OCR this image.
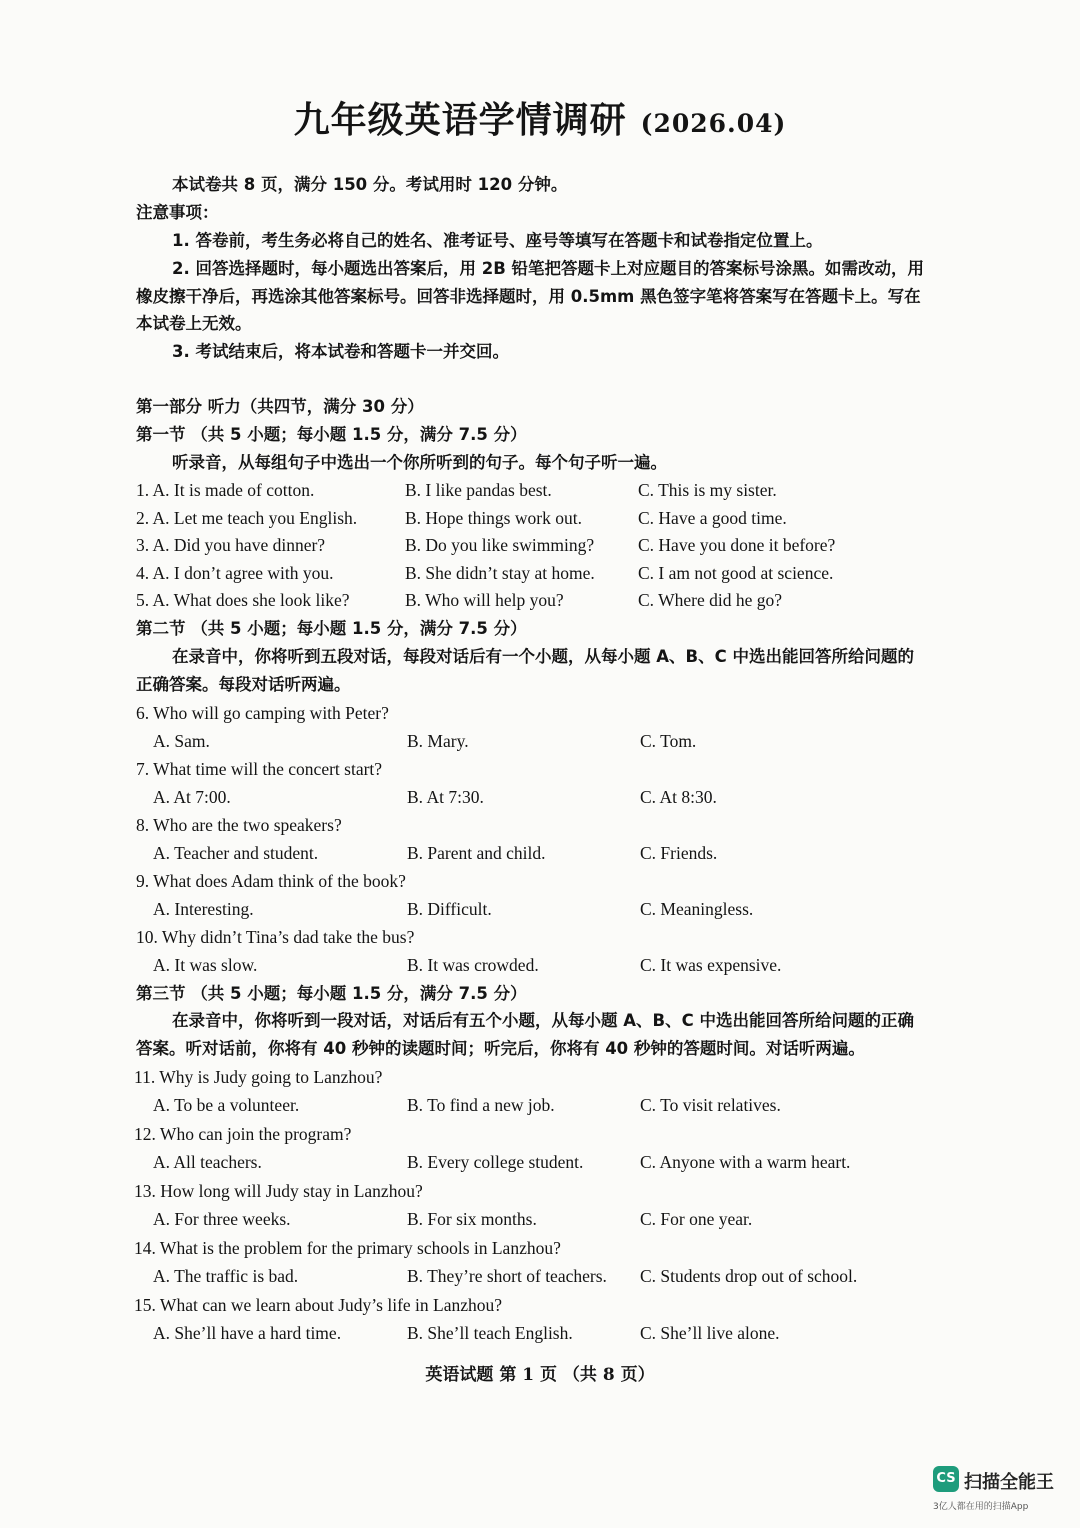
九年级英语学情调研 (2026.04)
本试卷共 8 页，满分 150 分。考试用时 120 分钟。
注意事项：
1. 答卷前，考生务必将自己的姓名、准考证号、座号等填写在答题卡和试卷指定位置上。
2. 回答选择题时，每小题选出答案后，用 2B 铅笔把答题卡上对应题目的答案标号涂黑。如需改动，用
橡皮擦干净后，再选涂其他答案标号。回答非选择题时，用 0.5mm 黑色签字笔将答案写在答题卡上。写在
本试卷上无效。
3. 考试结束后，将本试卷和答题卡一并交回。
第一部分 听力（共四节，满分 30 分）
第一节 （共 5 小题；每小题 1.5 分，满分 7.5 分）
听录音，从每组句子中选出一个你所听到的句子。每个句子听一遍。
1. A. It is made of cotton.	B. I like pandas best.	C. This is my sister.
2. A. Let me teach you English.	B. Hope things work out.	C. Have a good time.
3. A. Did you have dinner?	B. Do you like swimming?	C. Have you done it before?
4. A. I don’t agree with you.	B. She didn’t stay at home. C. I am not good at science.
5. A. What does she look like?	B. Who will help you?	C. Where did he go?
第二节 （共 5 小题；每小题 1.5 分，满分 7.5 分）
在录音中，你将听到五段对话，每段对话后有一个小题，从每小题 A、B、C 中选出能回答所给问题的
正确答案。每段对话听两遍。
6. Who will go camping with Peter?
A. Sam.	B. Mary.	C. Tom.
7. What time will the concert start?
A. At 7:00.	B. At 7:30.	C. At 8:30.
8. Who are the two speakers?
A. Teacher and student.	B. Parent and child.	C. Friends.
9. What does Adam think of the book?
A. Interesting.	B. Difficult.	C. Meaningless.
10. Why didn’t Tina’s dad take the bus?
A. It was slow.	B. It was crowded.	C. It was expensive.
第三节 （共 5 小题；每小题 1.5 分，满分 7.5 分）
在录音中，你将听到一段对话，对话后有五个小题，从每小题 A、B、C 中选出能回答所给问题的正确
答案。听对话前，你将有 40 秒钟的读题时间；听完后，你将有 40 秒钟的答题时间。对话听两遍。
11. Why is Judy going to Lanzhou?
A. To be a volunteer.	B. To find a new job.	C. To visit relatives.
12. Who can join the program?
A. All teachers.	B. Every college student.	C. Anyone with a warm heart.
13. How long will Judy stay in Lanzhou?
A. For three weeks.	B. For six months.	C. For one year.
14. What is the problem for the primary schools in Lanzhou?
A. The traffic is bad.	B. They’re short of teachers. C. Students drop out of school.
15. What can we learn about Judy’s life in Lanzhou?
A. She’ll have a hard time.	B. She’ll teach English.	C. She’ll live alone.
英语试题 第 1 页 （共 8 页）
CS 扫描全能王
3亿人都在用的扫描App
